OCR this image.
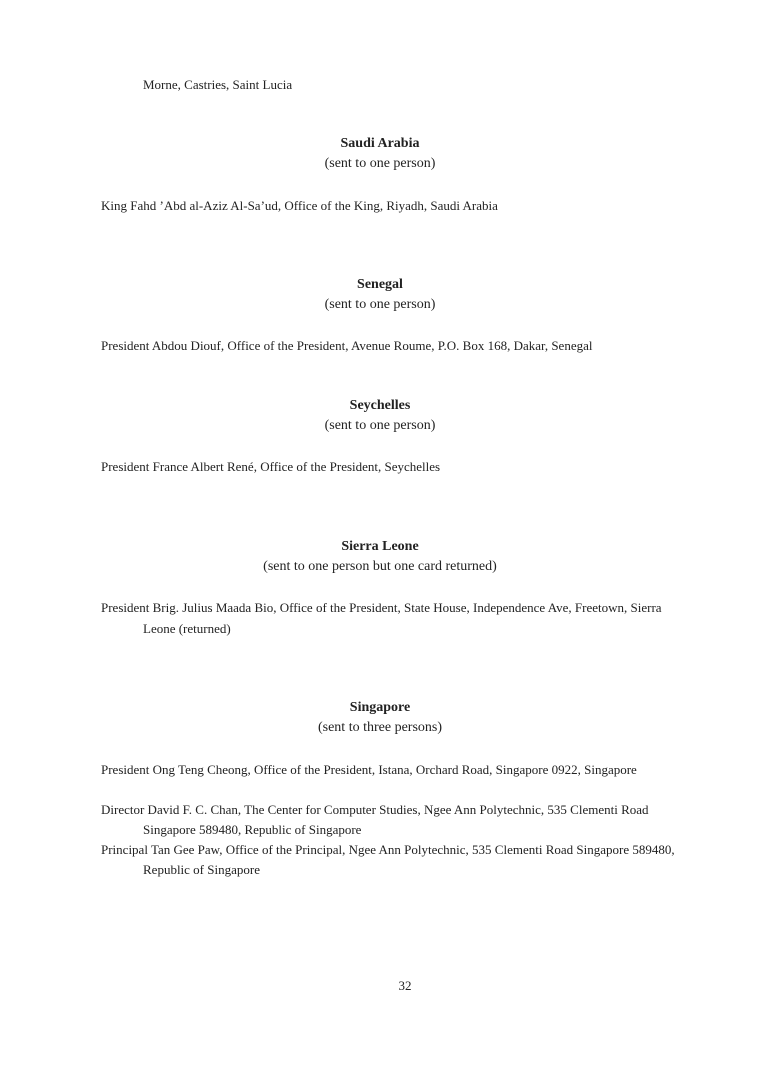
Morne, Castries, Saint Lucia
Saudi Arabia
(sent to one person)
King Fahd ’Abd al-Aziz Al-Sa’ud, Office of the King, Riyadh, Saudi Arabia
Senegal
(sent to one person)
President Abdou Diouf, Office of the President, Avenue Roume, P.O. Box 168, Dakar, Senegal
Seychelles
(sent to one person)
President France Albert René, Office of the President, Seychelles
Sierra Leone
(sent to one person but one card returned)
President Brig. Julius Maada Bio, Office of the President, State House, Independence Ave, Freetown, Sierra
Leone (returned)
Singapore
(sent to three persons)
President Ong Teng Cheong, Office of the President, Istana, Orchard Road, Singapore 0922, Singapore
Director David F. C. Chan, The Center for Computer Studies, Ngee Ann Polytechnic, 535 Clementi Road
Singapore 589480, Republic of Singapore
Principal Tan Gee Paw, Office of the Principal, Ngee Ann Polytechnic, 535 Clementi Road Singapore 589480,
Republic of Singapore
32
